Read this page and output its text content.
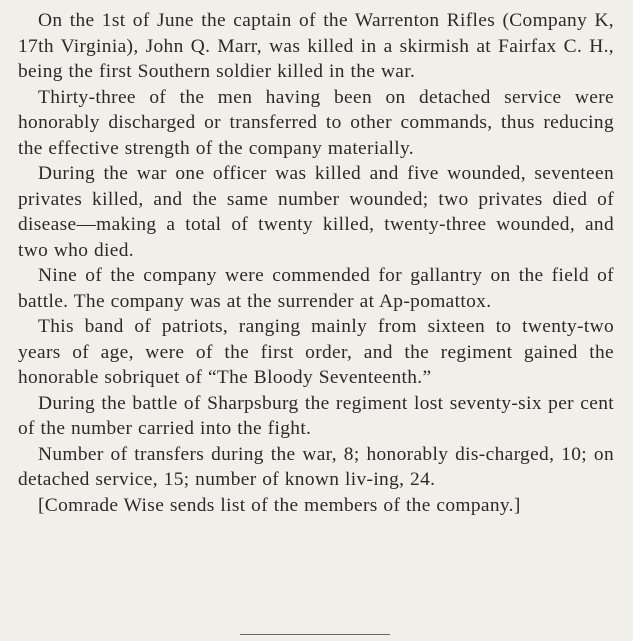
On the 1st of June the captain of the Warrenton Rifles (Company K, 17th Virginia), John Q. Marr, was killed in a skirmish at Fairfax C. H., being the first Southern soldier killed in the war.

Thirty-three of the men having been on detached service were honorably discharged or transferred to other commands, thus reducing the effective strength of the company materially.

During the war one officer was killed and five wounded, seventeen privates killed, and the same number wounded; two privates died of disease—making a total of twenty killed, twenty-three wounded, and two who died.

Nine of the company were commended for gallantry on the field of battle. The company was at the surrender at Ap-pomattox.

This band of patriots, ranging mainly from sixteen to twenty-two years of age, were of the first order, and the regiment gained the honorable sobriquet of “The Bloody Seventeenth.”

During the battle of Sharpsburg the regiment lost seventy-six per cent of the number carried into the fight.

Number of transfers during the war, 8; honorably dis-charged, 10; on detached service, 15; number of known liv-ing, 24.

[Comrade Wise sends list of the members of the company.]
